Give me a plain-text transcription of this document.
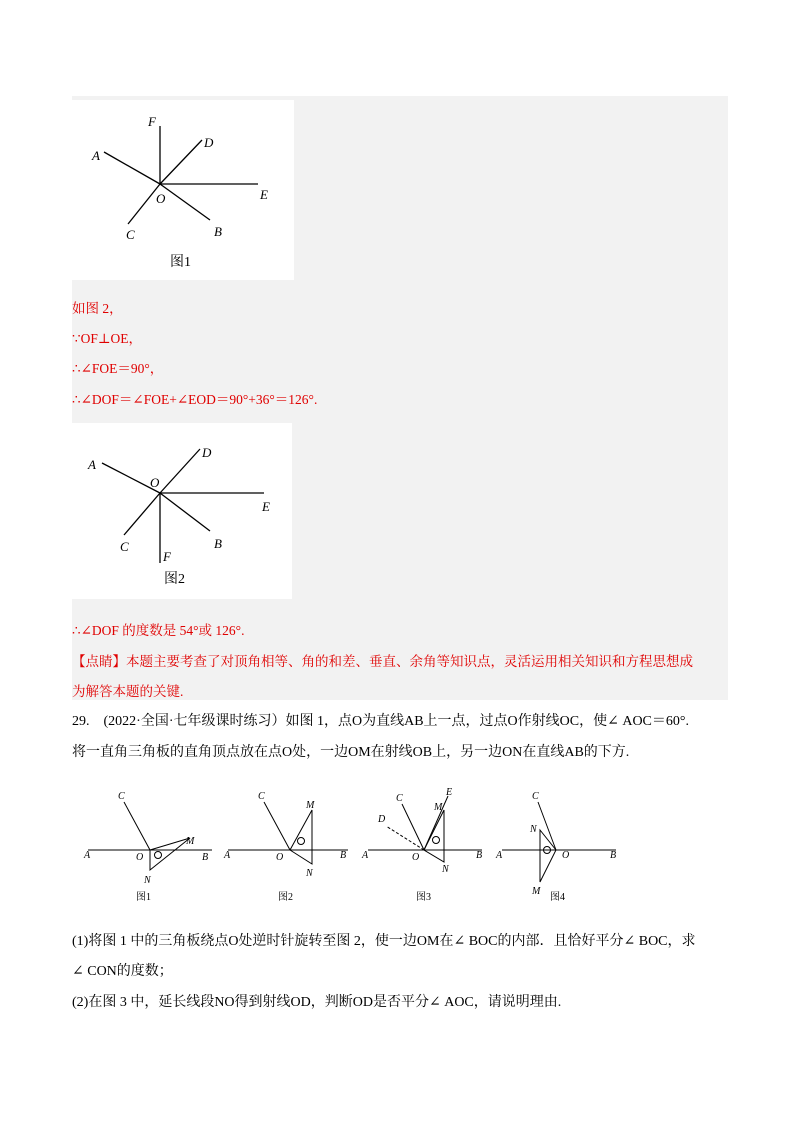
F
D
A
O	E
C	B
图1
如图 2，
∵OF⊥OE，
∴∠FOE＝90°，
∴∠DOF＝∠FOE+∠EOD＝90°+36°＝126°.
D
A
O
E
C	B
F
图2
∴∠DOF 的度数是 54°或 126°.
【点睛】本题主要考查了对顶角相等、角的和差、垂直、余角等知识点，灵活运用相关知识和方程思想成
为解答本题的关键.
29.　(2022·全国·七年级课时练习）如图 1，点O为直线AB上一点，过点O作射线OC，使∠ AOC＝60°.
将一直角三角板的直角顶点放在点O处，一边OM在射线OB上，另一边ON在直线AB的下方.
C
A	O
M
B
N
C
M
A	O	B
N
C
E
M
D
A	O	B
N
C
N
A	O	B
M
图1	图2	图3	图4
(1)将图 1 中的三角板绕点O处逆时针旋转至图 2，使一边OM在∠ BOC的内部．且恰好平分∠ BOC，求
∠ CON的度数；
(2)在图 3 中，延长线段NO得到射线OD，判断OD是否平分∠ AOC，请说明理由.
